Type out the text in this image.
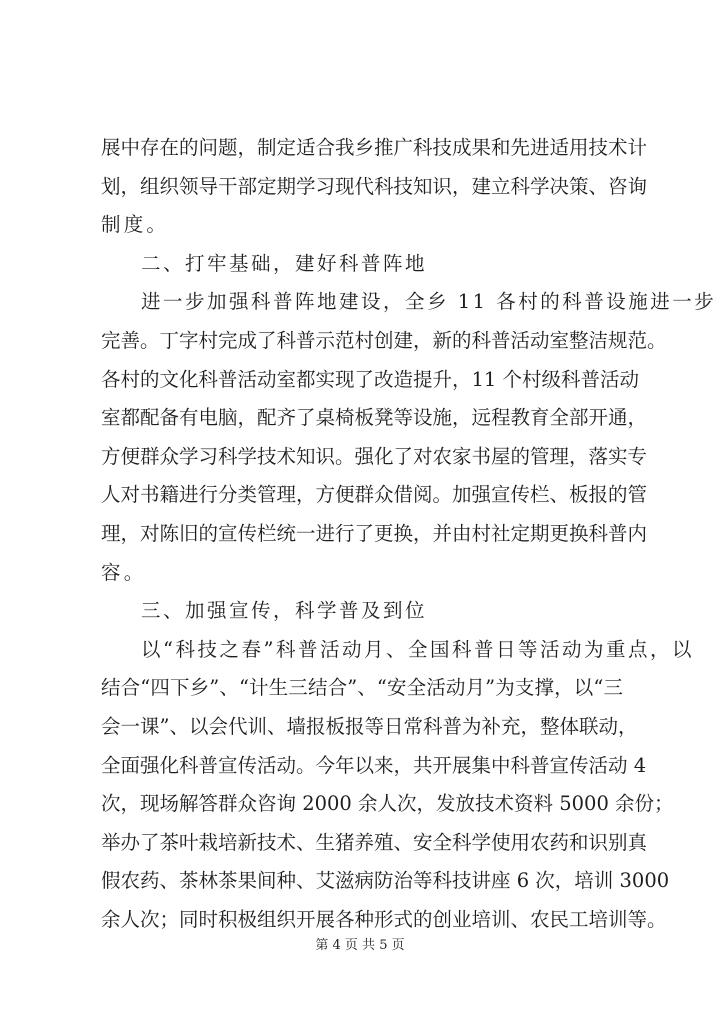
展中存在的问题，制定适合我乡推广科技成果和先进适用技术计
划，组织领导干部定期学习现代科技知识，建立科学决策、咨询
制度。
二、打牢基础，建好科普阵地
进一步加强科普阵地建设，全乡 11 各村的科普设施进一步
完善。丁字村完成了科普示范村创建，新的科普活动室整洁规范。
各村的文化科普活动室都实现了改造提升，11 个村级科普活动
室都配备有电脑，配齐了桌椅板凳等设施，远程教育全部开通，
方便群众学习科学技术知识。强化了对农家书屋的管理，落实专
人对书籍进行分类管理，方便群众借阅。加强宣传栏、板报的管
理，对陈旧的宣传栏统一进行了更换，并由村社定期更换科普内
容。
三、加强宣传，科学普及到位
以“科技之春”科普活动月、全国科普日等活动为重点，以
结合“四下乡”、“计生三结合”、“安全活动月”为支撑，以“三
会一课”、以会代训、墙报板报等日常科普为补充，整体联动，
全面强化科普宣传活动。今年以来，共开展集中科普宣传活动 4
次，现场解答群众咨询 2000 余人次，发放技术资料 5000 余份；
举办了茶叶栽培新技术、生猪养殖、安全科学使用农药和识别真
假农药、茶林茶果间种、艾滋病防治等科技讲座 6 次，培训 3000
余人次；同时积极组织开展各种形式的创业培训、农民工培训等。
第 4 页 共 5 页
